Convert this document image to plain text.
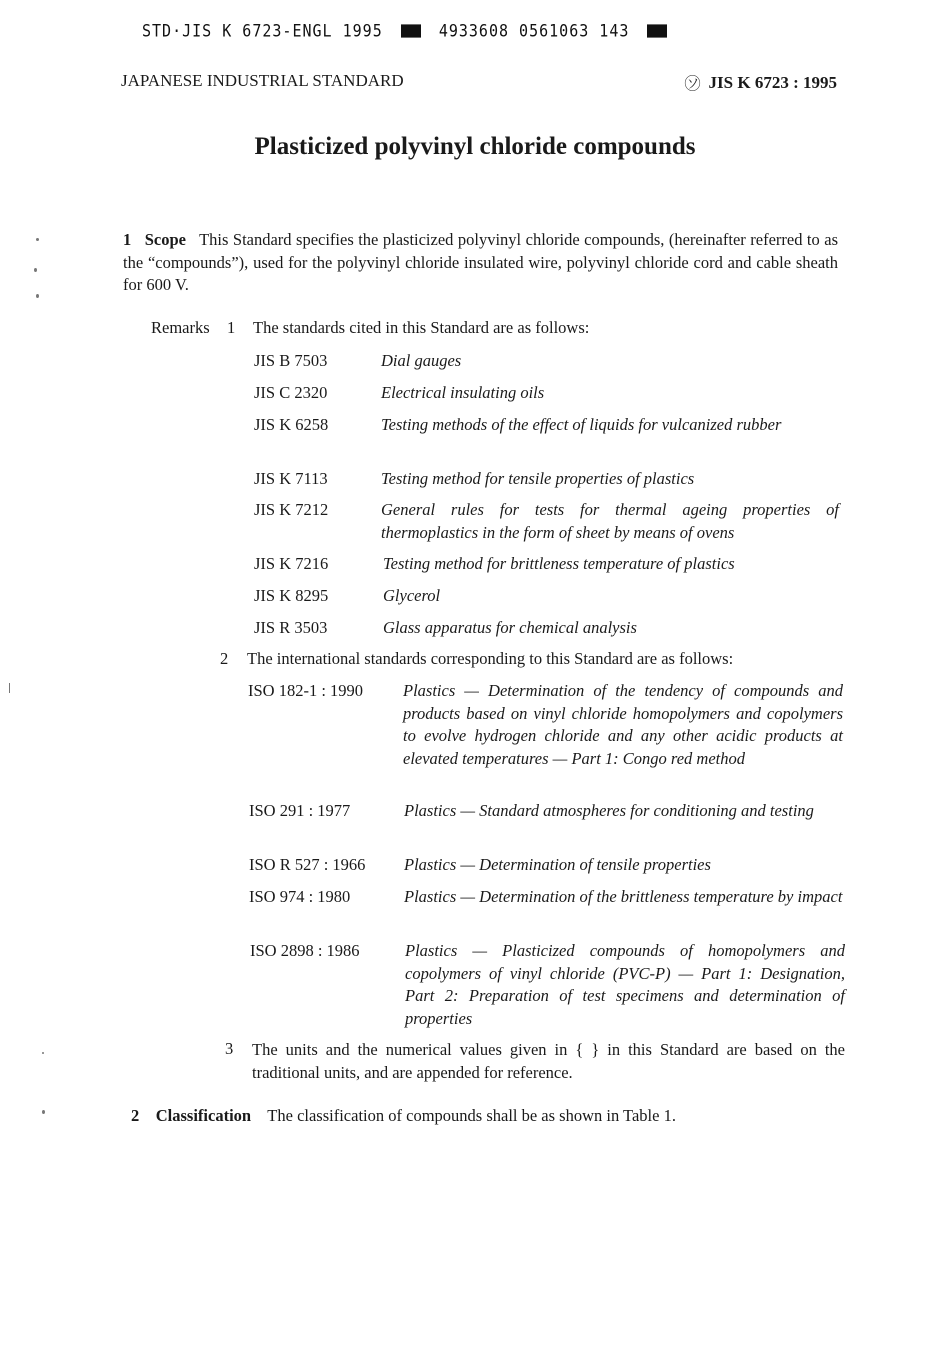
STD·JIS K 6723-ENGL 1995	4933608 0561063 143
JAPANESE INDUSTRIAL STANDARD	㋞ JIS K 6723 : 1995
Plasticized polyvinyl chloride compounds
1 Scope This Standard specifies the plasticized polyvinyl chloride compounds, (hereinafter referred to as the “compounds”), used for the polyvinyl chloride insulated wire, polyvinyl chloride cord and cable sheath for 600 V.
Remarks 1 The standards cited in this Standard are as follows:
JIS B 7503	Dial gauges
JIS C 2320	Electrical insulating oils
JIS K 6258	Testing methods of the effect of liquids for vulcanized rubber
JIS K 7113	Testing method for tensile properties of plastics
JIS K 7212	General rules for tests for thermal ageing properties of thermoplastics in the form of sheet by means of ovens
JIS K 7216	Testing method for brittleness temperature of plastics
JIS K 8295	Glycerol
JIS R 3503	Glass apparatus for chemical analysis
2 The international standards corresponding to this Standard are as follows:
ISO 182-1 : 1990 Plastics — Determination of the tendency of compounds and products based on vinyl chloride homopolymers and copolymers to evolve hydrogen chloride and any other acidic products at elevated temperatures — Part 1: Congo red method
ISO 291 : 1977	Plastics — Standard atmospheres for conditioning and testing
ISO R 527 : 1966 Plastics — Determination of tensile properties
ISO 974 : 1980	Plastics — Determination of the brittleness temperature by impact
ISO 2898 : 1986	Plastics — Plasticized compounds of homopolymers and copolymers of vinyl chloride (PVC-P) — Part 1: Designation, Part 2: Preparation of test specimens and determination of properties
3 The units and the numerical values given in { } in this Standard are based on the traditional units, and are appended for reference.
2 Classification The classification of compounds shall be as shown in Table 1.
